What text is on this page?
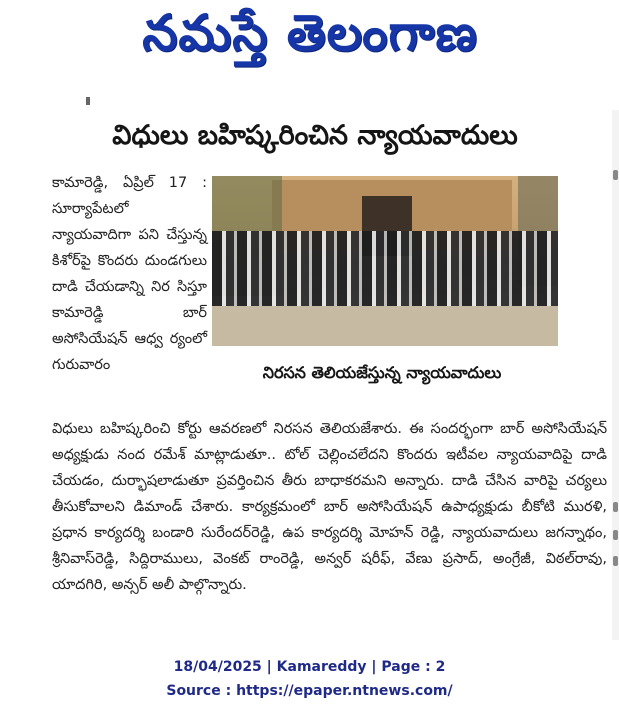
నమస్తే తెలంగాణ
విధులు బహిష్కరించిన న్యాయవాదులు
కామారెడ్డి, ఏప్రిల్ 17 : సూర్యాపేటలో న్యాయవాదిగా పని చేస్తున్న కిశోర్‌పై కొందరు దుండగులు దాడి చేయడాన్ని నిర సిస్తూ కామారెడ్డి బార్ అసోసియేషన్ ఆధ్వ ర్యంలో గురువారం	నిరసన తెలియజేస్తున్న న్యాయవాదులు
విధులు బహిష్కరించి కోర్టు ఆవరణలో నిరసన తెలియజేశారు. ఈ సందర్భంగా బార్ అసోసియేషన్ అధ్యక్షుడు నంద రమేశ్ మాట్లాడుతూ.. టోల్ చెల్లించలేదని కొందరు ఇటీవల న్యాయవాదిపై దాడి చేయడం, దుర్భాషలాడుతూ ప్రవర్తించిన తీరు బాధాకరమని అన్నారు. దాడి చేసిన వారిపై చర్యలు తీసుకోవాలని డిమాండ్ చేశారు. కార్యక్రమంలో బార్ అసోసియేషన్ ఉపాధ్యక్షుడు బీకోటి మురళి, ప్రధాన కార్యదర్శి బండారి సురేందర్‌రెడ్డి, ఉప కార్యదర్శి మోహన్ రెడ్డి, న్యాయవాదులు జగన్నాథం, శ్రీనివాస్‌రెడ్డి, సిద్దిరాములు, వెంకట్ రాంరెడ్డి, అన్వర్ షరీఫ్, వేణు ప్రసాద్, అంగ్రేజీ, విఠల్‌రావు, యాదగిరి, అన్సర్ అలీ పాల్గొన్నారు.
18/04/2025 | Kamareddy | Page : 2
Source : https://epaper.ntnews.com/
